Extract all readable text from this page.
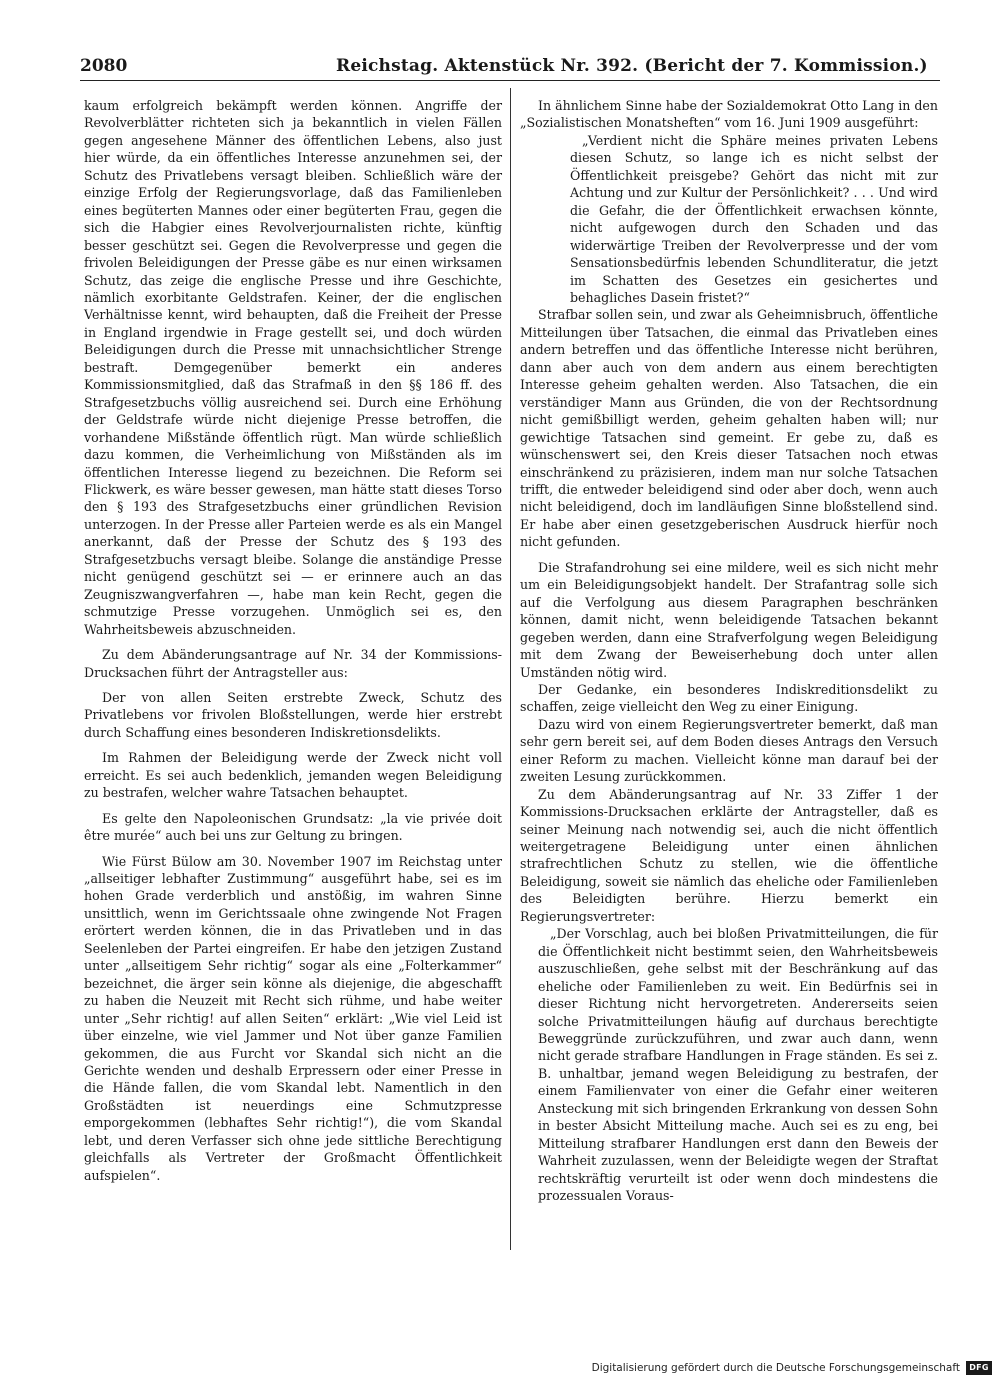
2080	Reichstag. Aktenstück Nr. 392. (Bericht der 7. Kommission.)

kaum erfolgreich bekämpft werden können. Angriffe der Revolverblätter richteten sich ja bekanntlich in vielen Fällen gegen angesehene Männer des öffentlichen Lebens, also just hier würde, da ein öffentliches Interesse anzunehmen sei, der Schutz des Privatlebens versagt bleiben. Schließlich wäre der einzige Erfolg der Regierungsvorlage, daß das Familienleben eines begüterten Mannes oder einer begüterten Frau, gegen die sich die Habgier eines Revolverjournalisten richte, künftig besser geschützt sei. Gegen die Revolverpresse und gegen die frivolen Beleidigungen der Presse gäbe es nur einen wirksamen Schutz, das zeige die englische Presse und ihre Geschichte, nämlich exorbitante Geldstrafen. Keiner, der die englischen Verhältnisse kennt, wird behaupten, daß die Freiheit der Presse in England irgendwie in Frage gestellt sei, und doch würden Beleidigungen durch die Presse mit unnachsichtlicher Strenge bestraft. Demgegenüber bemerkt ein anderes Kommissionsmitglied, daß das Strafmaß in den §§ 186 ff. des Strafgesetzbuchs völlig ausreichend sei. Durch eine Erhöhung der Geldstrafe würde nicht diejenige Presse betroffen, die vorhandene Mißstände öffentlich rügt. Man würde schließlich dazu kommen, die Verheimlichung von Mißständen als im öffentlichen Interesse liegend zu bezeichnen. Die Reform sei Flickwerk, es wäre besser gewesen, man hätte statt dieses Torso den § 193 des Strafgesetzbuchs einer gründlichen Revision unterzogen. In der Presse aller Parteien werde es als ein Mangel anerkannt, daß der Presse der Schutz des § 193 des Strafgesetzbuchs versagt bleibe. Solange die anständige Presse nicht genügend geschützt sei — er erinnere auch an das Zeugniszwangverfahren —, habe man kein Recht, gegen die schmutzige Presse vorzugehen. Unmöglich sei es, den Wahrheitsbeweis abzuschneiden.

Zu dem Abänderungsantrage auf Nr. 34 der Kommissions-Drucksachen führt der Antragsteller aus:

Der von allen Seiten erstrebte Zweck, Schutz des Privatlebens vor frivolen Bloßstellungen, werde hier erstrebt durch Schaffung eines besonderen Indiskretionsdelikts.

Im Rahmen der Beleidigung werde der Zweck nicht voll erreicht. Es sei auch bedenklich, jemanden wegen Beleidigung zu bestrafen, welcher wahre Tatsachen behauptet.

Es gelte den Napoleonischen Grundsatz: „la vie privée doit être murée“ auch bei uns zur Geltung zu bringen.

Wie Fürst Bülow am 30. November 1907 im Reichstag unter „allseitiger lebhafter Zustimmung“ ausgeführt habe, sei es im hohen Grade verderblich und anstößig, im wahren Sinne unsittlich, wenn im Gerichtssaale ohne zwingende Not Fragen erörtert werden können, die in das Privatleben und in das Seelenleben der Partei eingreifen. Er habe den jetzigen Zustand unter „allseitigem Sehr richtig“ sogar als eine „Folterkammer“ bezeichnet, die ärger sein könne als diejenige, die abgeschafft zu haben die Neuzeit mit Recht sich rühme, und habe weiter unter „Sehr richtig! auf allen Seiten“ erklärt: „Wie viel Leid ist über einzelne, wie viel Jammer und Not über ganze Familien gekommen, die aus Furcht vor Skandal sich nicht an die Gerichte wenden und deshalb Erpressern oder einer Presse in die Hände fallen, die vom Skandal lebt. Namentlich in den Großstädten ist neuerdings eine Schmutzpresse emporgekommen (lebhaftes Sehr richtig!“), die vom Skandal lebt, und deren Verfasser sich ohne jede sittliche Berechtigung gleichfalls als Vertreter der Großmacht Öffentlichkeit aufspielen“.

In ähnlichem Sinne habe der Sozialdemokrat Otto Lang in den „Sozialistischen Monatsheften“ vom 16. Juni 1909 ausgeführt:

„Verdient nicht die Sphäre meines privaten Lebens diesen Schutz, so lange ich es nicht selbst der Öffentlichkeit preisgebe? Gehört das nicht mit zur Achtung und zur Kultur der Persönlichkeit? . . . Und wird die Gefahr, die der Öffentlichkeit erwachsen könnte, nicht aufgewogen durch den Schaden und das widerwärtige Treiben der Revolverpresse und der vom Sensationsbedürfnis lebenden Schundliteratur, die jetzt im Schatten des Gesetzes ein gesichertes und behagliches Dasein fristet?“

Strafbar sollen sein, und zwar als Geheimnisbruch, öffentliche Mitteilungen über Tatsachen, die einmal das Privatleben eines andern betreffen und das öffentliche Interesse nicht berühren, dann aber auch von dem andern aus einem berechtigten Interesse geheim gehalten werden. Also Tatsachen, die ein verständiger Mann aus Gründen, die von der Rechtsordnung nicht gemißbilligt werden, geheim gehalten haben will; nur gewichtige Tatsachen sind gemeint. Er gebe zu, daß es wünschenswert sei, den Kreis dieser Tatsachen noch etwas einschränkend zu präzisieren, indem man nur solche Tatsachen trifft, die entweder beleidigend sind oder aber doch, wenn auch nicht beleidigend, doch im landläufigen Sinne bloßstellend sind. Er habe aber einen gesetzgeberischen Ausdruck hierfür noch nicht gefunden.

Die Strafandrohung sei eine mildere, weil es sich nicht mehr um ein Beleidigungsobjekt handelt. Der Strafantrag solle sich auf die Verfolgung aus diesem Paragraphen beschränken können, damit nicht, wenn beleidigende Tatsachen bekannt gegeben werden, dann eine Strafverfolgung wegen Beleidigung mit dem Zwang der Beweiserhebung doch unter allen Umständen nötig wird.

Der Gedanke, ein besonderes Indiskreditionsdelikt zu schaffen, zeige vielleicht den Weg zu einer Einigung.

Dazu wird von einem Regierungsvertreter bemerkt, daß man sehr gern bereit sei, auf dem Boden dieses Antrags den Versuch einer Reform zu machen. Vielleicht könne man darauf bei der zweiten Lesung zurückkommen.

Zu dem Abänderungsantrag auf Nr. 33 Ziffer 1 der Kommissions-Drucksachen erklärte der Antragsteller, daß es seiner Meinung nach notwendig sei, auch die nicht öffentlich weitergetragene Beleidigung unter einen ähnlichen strafrechtlichen Schutz zu stellen, wie die öffentliche Beleidigung, soweit sie nämlich das eheliche oder Familienleben des Beleidigten berühre. Hierzu bemerkt ein Regierungsvertreter:

„Der Vorschlag, auch bei bloßen Privatmitteilungen, die für die Öffentlichkeit nicht bestimmt seien, den Wahrheitsbeweis auszuschließen, gehe selbst mit der Beschränkung auf das eheliche oder Familienleben zu weit. Ein Bedürfnis sei in dieser Richtung nicht hervorgetreten. Andererseits seien solche Privatmitteilungen häufig auf durchaus berechtigte Beweggründe zurückzuführen, und zwar auch dann, wenn nicht gerade strafbare Handlungen in Frage ständen. Es sei z. B. unhaltbar, jemand wegen Beleidigung zu bestrafen, der einem Familienvater von einer die Gefahr einer weiteren Ansteckung mit sich bringenden Erkrankung von dessen Sohn in bester Absicht Mitteilung mache. Auch sei es zu eng, bei Mitteilung strafbarer Handlungen erst dann den Beweis der Wahrheit zuzulassen, wenn der Beleidigte wegen der Straftat rechtskräftig verurteilt ist oder wenn doch mindestens die prozessualen Voraus-

Digitalisierung gefördert durch die Deutsche Forschungsgemeinschaft	DFG
